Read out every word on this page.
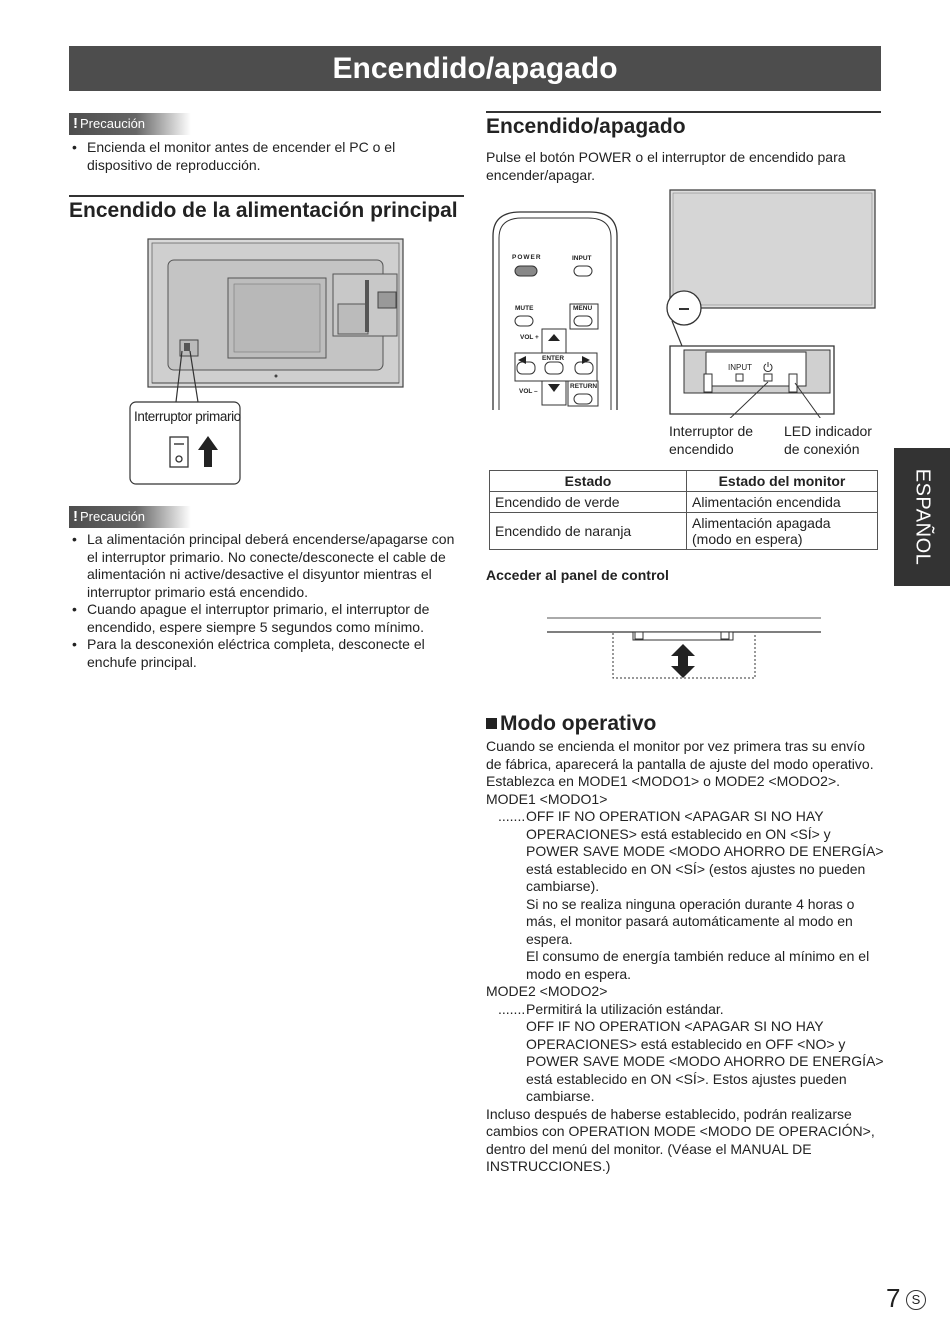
Encendido/apagado
! Precaución
• Encienda el monitor antes de encender el PC o el dispositivo de reproducción.
Encendido de la alimentación principal
Interruptor primario
! Precaución
• La alimentación principal deberá encenderse/apagarse con el interruptor primario. No conecte/desconecte el cable de alimentación ni active/desactive el disyuntor mientras el interruptor primario está encendido.
• Cuando apague el interruptor primario, el interruptor de encendido, espere siempre 5 segundos como mínimo.
• Para la desconexión eléctrica completa, desconecte el enchufe principal.
Encendido/apagado
Pulse el botón POWER o el interruptor de encendido para encender/apagar.
POWER	INPUT
MUTE	MENU
VOL +
ENTER
VOL –
RETURN
INPUT
Interruptor de encendido
LED indicador de conexión
Estado	Estado del monitor
Encendido de verde	Alimentación encendida
Encendido de naranja	Alimentación apagada (modo en espera)
Acceder al panel de control
Modo operativo
Cuando se encienda el monitor por vez primera tras su envío de fábrica, aparecerá la pantalla de ajuste del modo operativo. Establezca en MODE1 <MODO1> o MODE2 <MODO2>.
MODE1 <MODO1>
....... OFF IF NO OPERATION <APAGAR SI NO HAY OPERACIONES> está establecido en ON <SÍ> y POWER SAVE MODE <MODO AHORRO DE ENERGÍA> está establecido en ON <SÍ> (estos ajustes no pueden cambiarse).
Si no se realiza ninguna operación durante 4 horas o más, el monitor pasará automáticamente al modo en espera.
El consumo de energía también reduce al mínimo en el modo en espera.
MODE2 <MODO2>
....... Permitirá la utilización estándar.
OFF IF NO OPERATION <APAGAR SI NO HAY OPERACIONES> está establecido en OFF <NO> y POWER SAVE MODE <MODO AHORRO DE ENERGÍA> está establecido en ON <SÍ>. Estos ajustes pueden cambiarse.
Incluso después de haberse establecido, podrán realizarse cambios con OPERATION MODE <MODO DE OPERACIÓN>, dentro del menú del monitor. (Véase el MANUAL DE INSTRUCCIONES.)
ESPAÑOL
7 S
